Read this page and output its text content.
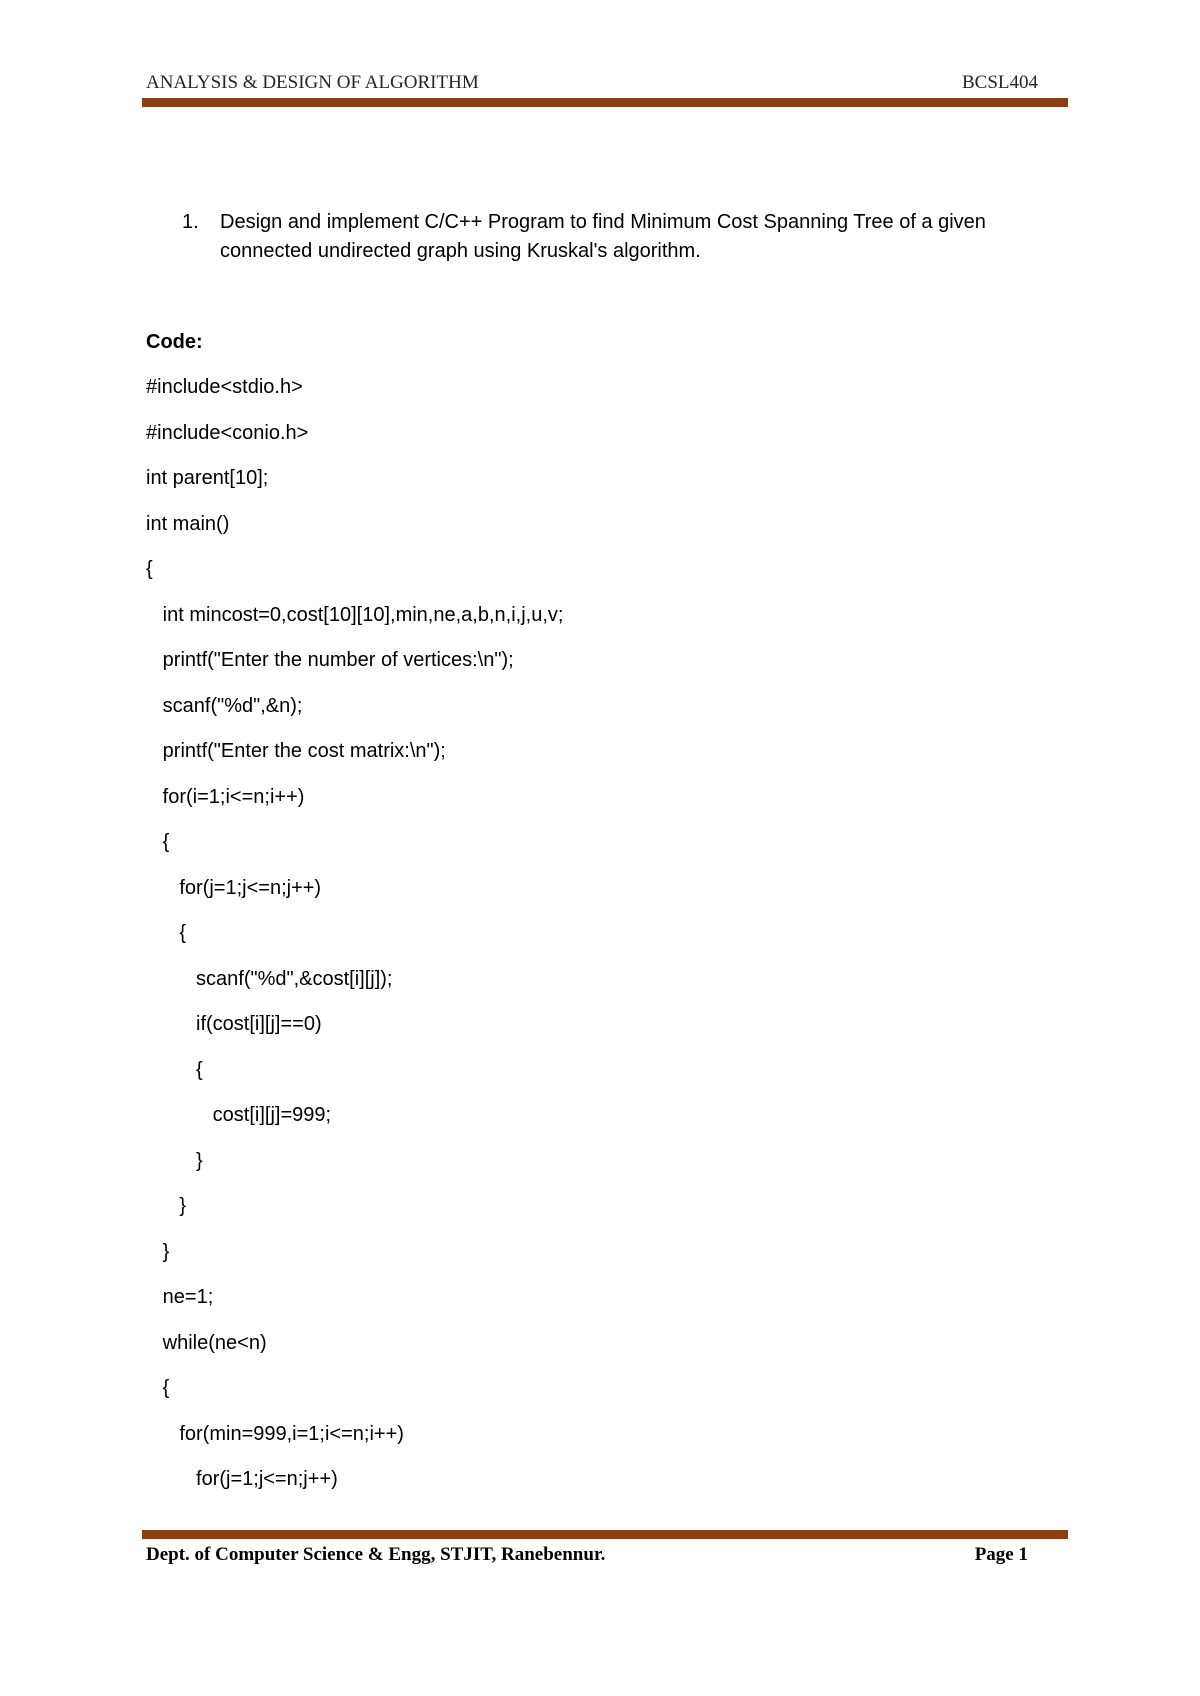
ANALYSIS & DESIGN OF ALGORITHM	BCSL404
1. Design and implement C/C++ Program to find Minimum Cost Spanning Tree of a given connected undirected graph using Kruskal's algorithm.
Code:
#include<stdio.h>
#include<conio.h>
int parent[10];
int main()
{
int mincost=0,cost[10][10],min,ne,a,b,n,i,j,u,v;
printf("Enter the number of vertices:\n");
scanf("%d",&n);
printf("Enter the cost matrix:\n");
for(i=1;i<=n;i++)
{
for(j=1;j<=n;j++)
{
scanf("%d",&cost[i][j]);
if(cost[i][j]==0)
{
cost[i][j]=999;
}
}
}
ne=1;
while(ne<n)
{
for(min=999,i=1;i<=n;i++)
for(j=1;j<=n;j++)
Dept. of Computer Science & Engg, STJIT, Ranebennur.	Page 1
